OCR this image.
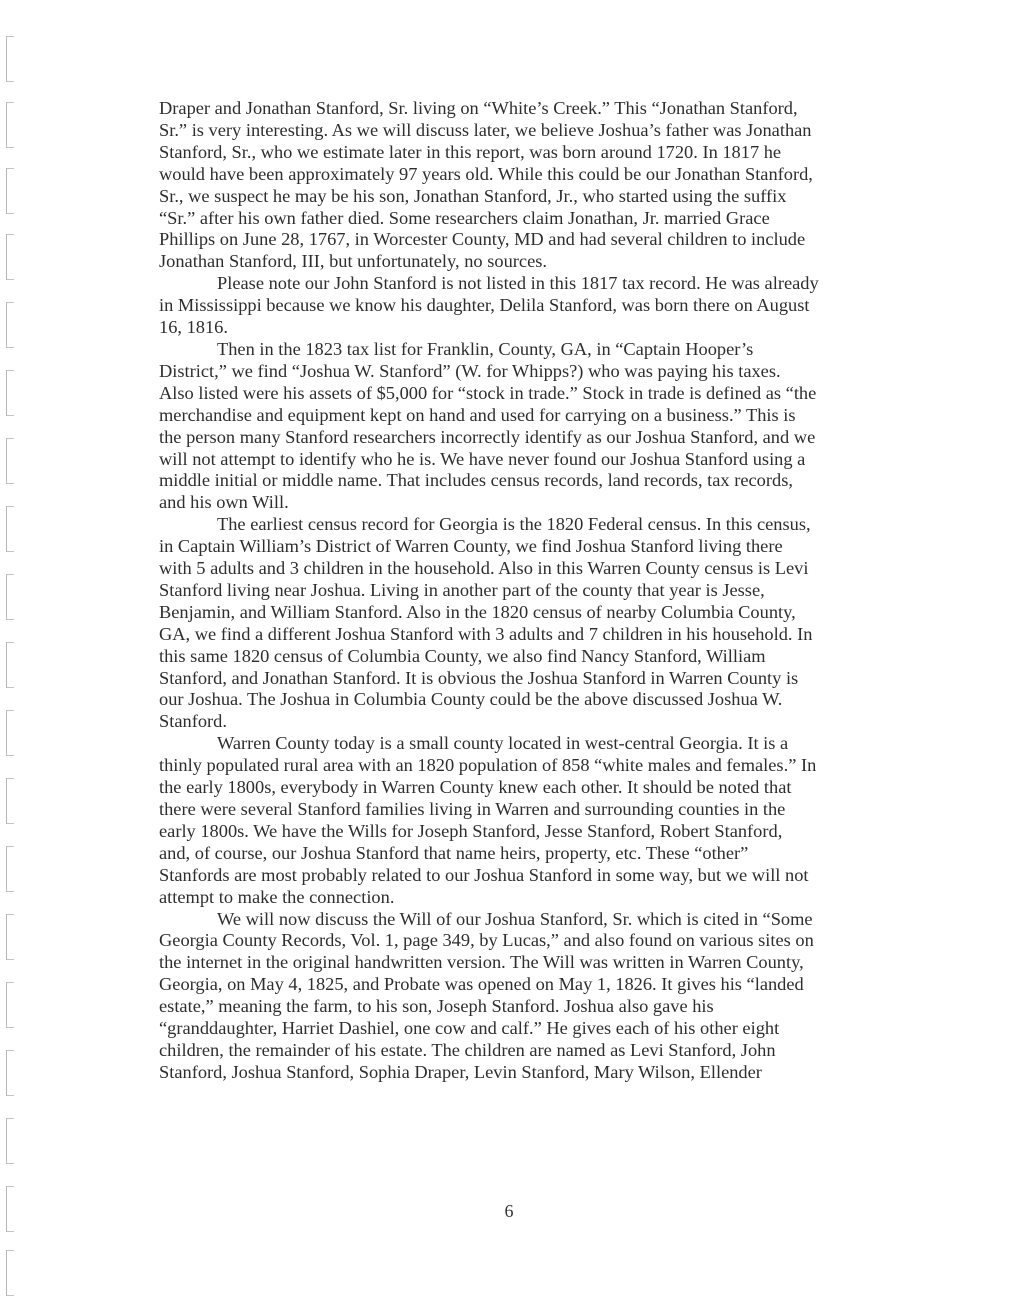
Draper and Jonathan Stanford, Sr. living on “White’s Creek.” This “Jonathan Stanford,
Sr.” is very interesting. As we will discuss later, we believe Joshua’s father was Jonathan
Stanford, Sr., who we estimate later in this report, was born around 1720. In 1817 he
would have been approximately 97 years old. While this could be our Jonathan Stanford,
Sr., we suspect he may be his son, Jonathan Stanford, Jr., who started using the suffix
“Sr.” after his own father died. Some researchers claim Jonathan, Jr. married Grace
Phillips on June 28, 1767, in Worcester County, MD and had several children to include
Jonathan Stanford, III, but unfortunately, no sources.

Please note our John Stanford is not listed in this 1817 tax record. He was already
in Mississippi because we know his daughter, Delila Stanford, was born there on August
16, 1816.

Then in the 1823 tax list for Franklin, County, GA, in “Captain Hooper’s
District,” we find “Joshua W. Stanford” (W. for Whipps?) who was paying his taxes.
Also listed were his assets of $5,000 for “stock in trade.” Stock in trade is defined as “the
merchandise and equipment kept on hand and used for carrying on a business.” This is
the person many Stanford researchers incorrectly identify as our Joshua Stanford, and we
will not attempt to identify who he is. We have never found our Joshua Stanford using a
middle initial or middle name. That includes census records, land records, tax records,
and his own Will.

The earliest census record for Georgia is the 1820 Federal census. In this census,
in Captain William’s District of Warren County, we find Joshua Stanford living there
with 5 adults and 3 children in the household. Also in this Warren County census is Levi
Stanford living near Joshua. Living in another part of the county that year is Jesse,
Benjamin, and William Stanford. Also in the 1820 census of nearby Columbia County,
GA, we find a different Joshua Stanford with 3 adults and 7 children in his household. In
this same 1820 census of Columbia County, we also find Nancy Stanford, William
Stanford, and Jonathan Stanford. It is obvious the Joshua Stanford in Warren County is
our Joshua. The Joshua in Columbia County could be the above discussed Joshua W.
Stanford.

Warren County today is a small county located in west-central Georgia. It is a
thinly populated rural area with an 1820 population of 858 “white males and females.” In
the early 1800s, everybody in Warren County knew each other. It should be noted that
there were several Stanford families living in Warren and surrounding counties in the
early 1800s. We have the Wills for Joseph Stanford, Jesse Stanford, Robert Stanford,
and, of course, our Joshua Stanford that name heirs, property, etc. These “other”
Stanfords are most probably related to our Joshua Stanford in some way, but we will not
attempt to make the connection.

We will now discuss the Will of our Joshua Stanford, Sr. which is cited in “Some
Georgia County Records, Vol. 1, page 349, by Lucas,” and also found on various sites on
the internet in the original handwritten version. The Will was written in Warren County,
Georgia, on May 4, 1825, and Probate was opened on May 1, 1826. It gives his “landed
estate,” meaning the farm, to his son, Joseph Stanford. Joshua also gave his
“granddaughter, Harriet Dashiel, one cow and calf.” He gives each of his other eight
children, the remainder of his estate. The children are named as Levi Stanford, John
Stanford, Joshua Stanford, Sophia Draper, Levin Stanford, Mary Wilson, Ellender

6
